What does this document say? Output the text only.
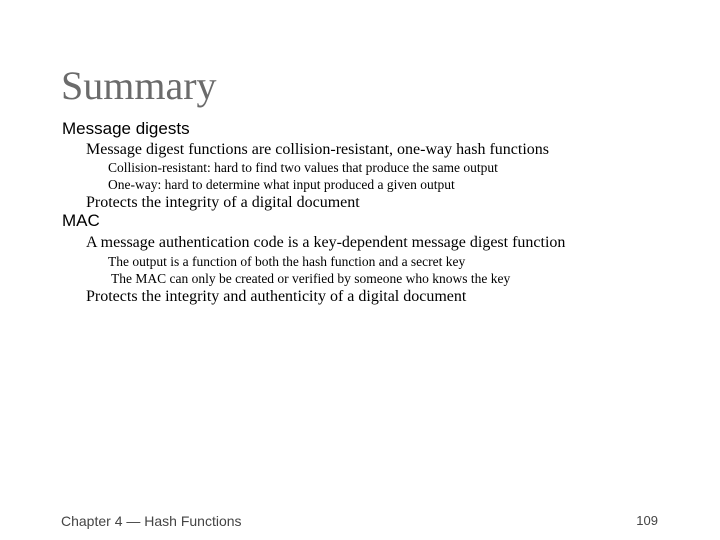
Summary
Message digests
Message digest functions are collision-resistant, one-way hash functions
Collision-resistant: hard to find two values that produce the same output
One-way: hard to determine what input produced a given output
Protects the integrity of a digital document
MAC
A message authentication code is a key-dependent message digest function
The output is a function of both the hash function and a secret key
The MAC can only be created or verified by someone who knows the key
Protects the integrity and authenticity of a digital document
Chapter 4 — Hash Functions	109
